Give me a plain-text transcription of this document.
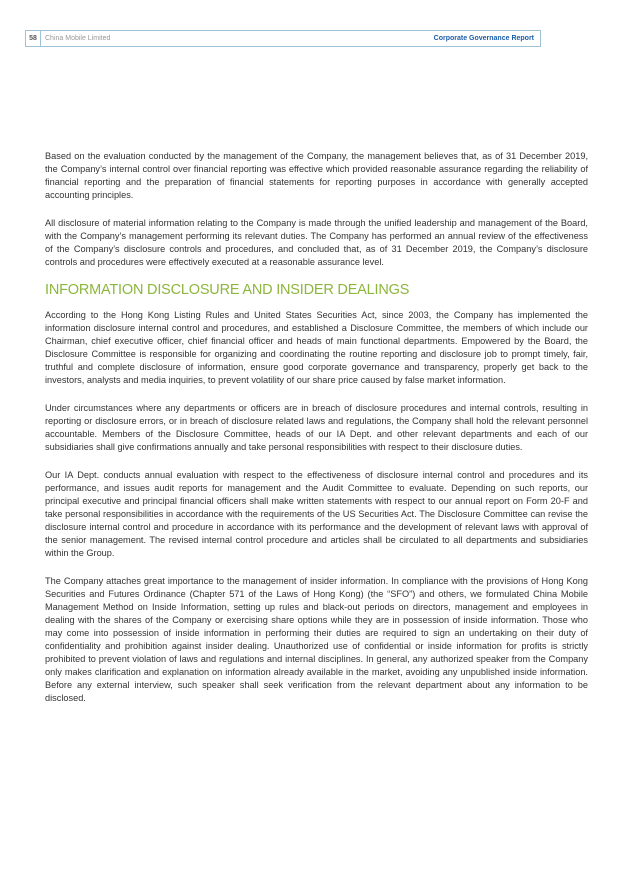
58	China Mobile Limited	Corporate Governance Report

Based on the evaluation conducted by the management of the Company, the management believes that, as of 31 December 2019, the Company’s internal control over financial reporting was effective which provided reasonable assurance regarding the reliability of financial reporting and the preparation of financial statements for reporting purposes in accordance with generally accepted accounting principles.

All disclosure of material information relating to the Company is made through the unified leadership and management of the Board, with the Company’s management performing its relevant duties. The Company has performed an annual review of the effectiveness of the Company’s disclosure controls and procedures, and concluded that, as of 31 December 2019, the Company’s disclosure controls and procedures were effectively executed at a reasonable assurance level.

INFORMATION DISCLOSURE AND INSIDER DEALINGS

According to the Hong Kong Listing Rules and United States Securities Act, since 2003, the Company has implemented the information disclosure internal control and procedures, and established a Disclosure Committee, the members of which include our Chairman, chief executive officer, chief financial officer and heads of main functional departments. Empowered by the Board, the Disclosure Committee is responsible for organizing and coordinating the routine reporting and disclosure job to prompt timely, fair, truthful and complete disclosure of information, ensure good corporate governance and transparency, properly get back to the investors, analysts and media inquiries, to prevent volatility of our share price caused by false market information.

Under circumstances where any departments or officers are in breach of disclosure procedures and internal controls, resulting in reporting or disclosure errors, or in breach of disclosure related laws and regulations, the Company shall hold the relevant personnel accountable. Members of the Disclosure Committee, heads of our IA Dept. and other relevant departments and each of our subsidiaries shall give confirmations annually and take personal responsibilities with respect to their disclosure duties.

Our IA Dept. conducts annual evaluation with respect to the effectiveness of disclosure internal control and procedures and its performance, and issues audit reports for management and the Audit Committee to evaluate. Depending on such reports, our principal executive and principal financial officers shall make written statements with respect to our annual report on Form 20-F and take personal responsibilities in accordance with the requirements of the US Securities Act. The Disclosure Committee can revise the disclosure internal control and procedure in accordance with its performance and the development of relevant laws with approval of the senior management. The revised internal control procedure and articles shall be circulated to all departments and subsidiaries within the Group.

The Company attaches great importance to the management of insider information. In compliance with the provisions of Hong Kong Securities and Futures Ordinance (Chapter 571 of the Laws of Hong Kong) (the “SFO”) and others, we formulated China Mobile Management Method on Inside Information, setting up rules and black-out periods on directors, management and employees in dealing with the shares of the Company or exercising share options while they are in possession of inside information. Those who may come into possession of inside information in performing their duties are required to sign an undertaking on their duty of confidentiality and prohibition against insider dealing. Unauthorized use of confidential or inside information for profits is strictly prohibited to prevent violation of laws and regulations and internal disciplines. In general, any authorized speaker from the Company only makes clarification and explanation on information already available in the market, avoiding any unpublished inside information. Before any external interview, such speaker shall seek verification from the relevant department about any information to be disclosed.
